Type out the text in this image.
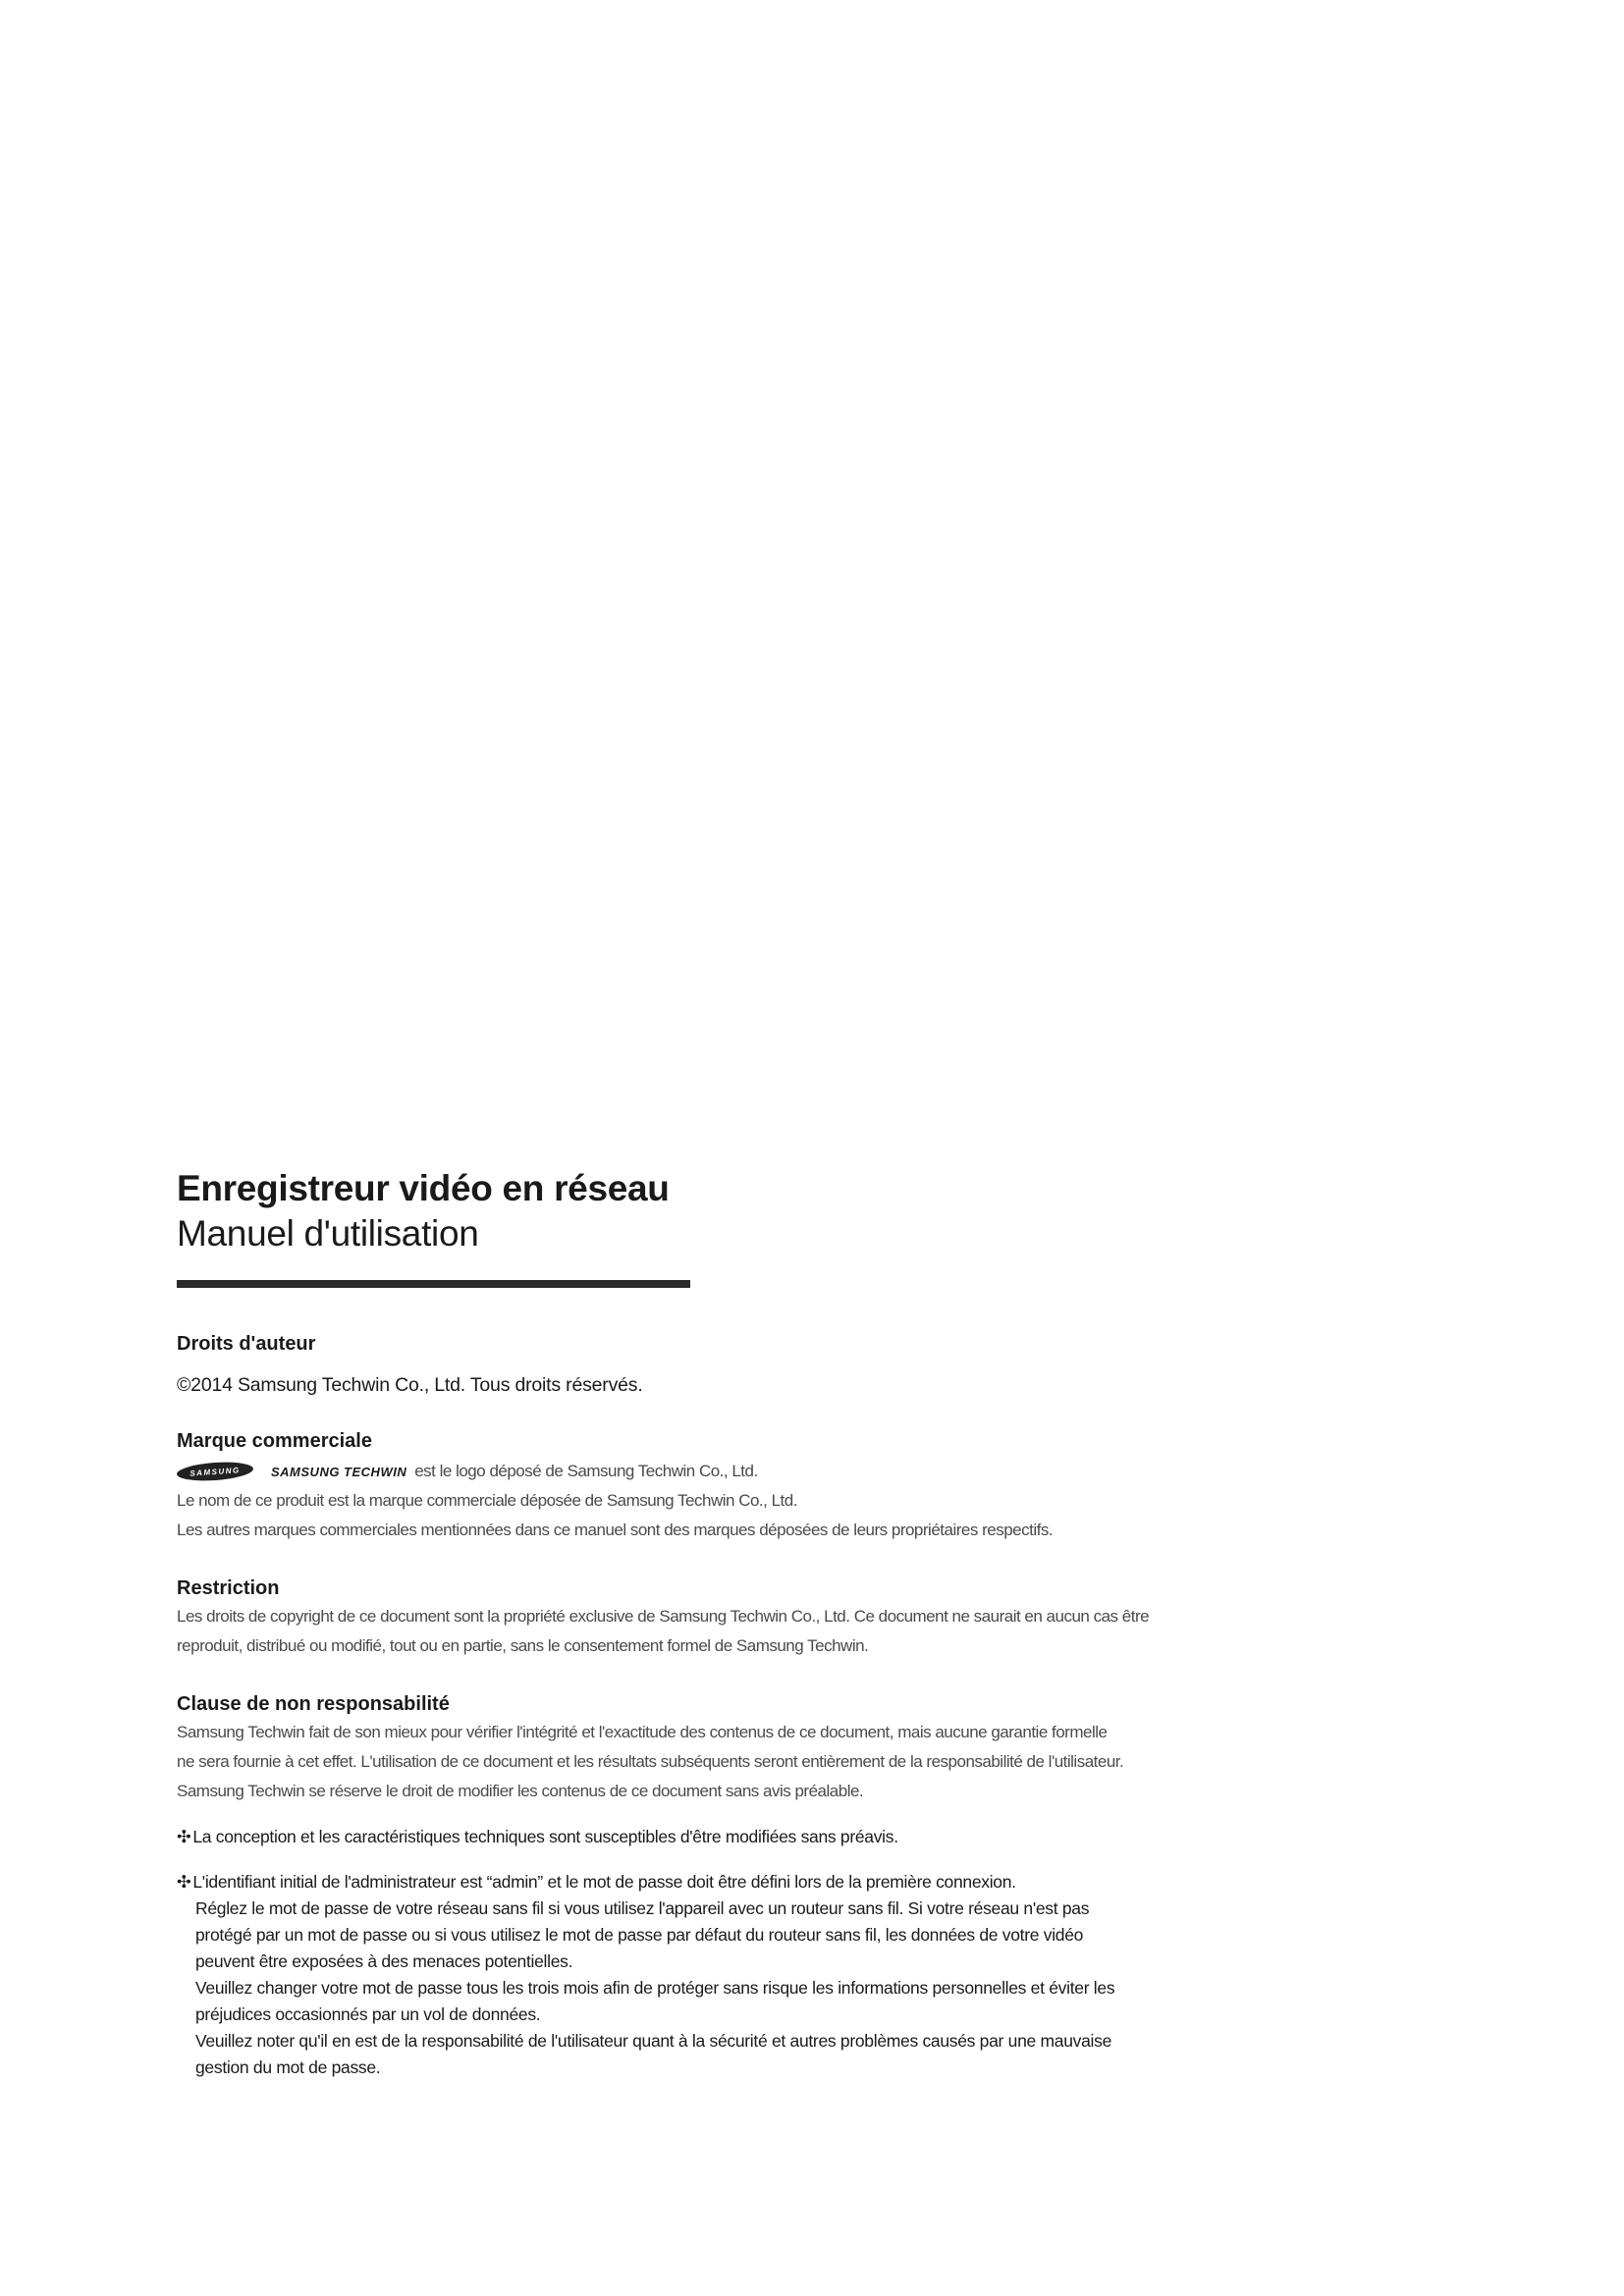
Enregistreur vidéo en réseau
Manuel d'utilisation

Droits d'auteur

©2014 Samsung Techwin Co., Ltd. Tous droits réservés.

Marque commerciale

SAMSUNG	SAMSUNG TECHWIN est le logo déposé de Samsung Techwin Co., Ltd.

Le nom de ce produit est la marque commerciale déposée de Samsung Techwin Co., Ltd.

Les autres marques commerciales mentionnées dans ce manuel sont des marques déposées de leurs propriétaires respectifs.

Restriction

Les droits de copyright de ce document sont la propriété exclusive de Samsung Techwin Co., Ltd. Ce document ne saurait en aucun cas être

reproduit, distribué ou modifié, tout ou en partie, sans le consentement formel de Samsung Techwin.

Clause de non responsabilité

Samsung Techwin fait de son mieux pour vérifier l'intégrité et l'exactitude des contenus de ce document, mais aucune garantie formelle

ne sera fournie à cet effet. L'utilisation de ce document et les résultats subséquents seront entièrement de la responsabilité de l'utilisateur.

Samsung Techwin se réserve le droit de modifier les contenus de ce document sans avis préalable.

✣ La conception et les caractéristiques techniques sont susceptibles d'être modifiées sans préavis.

✣ L'identifiant initial de l'administrateur est “admin” et le mot de passe doit être défini lors de la première connexion.

Réglez le mot de passe de votre réseau sans fil si vous utilisez l'appareil avec un routeur sans fil. Si votre réseau n'est pas

protégé par un mot de passe ou si vous utilisez le mot de passe par défaut du routeur sans fil, les données de votre vidéo

peuvent être exposées à des menaces potentielles.

Veuillez changer votre mot de passe tous les trois mois afin de protéger sans risque les informations personnelles et éviter les

préjudices occasionnés par un vol de données.

Veuillez noter qu'il en est de la responsabilité de l'utilisateur quant à la sécurité et autres problèmes causés par une mauvaise

gestion du mot de passe.
